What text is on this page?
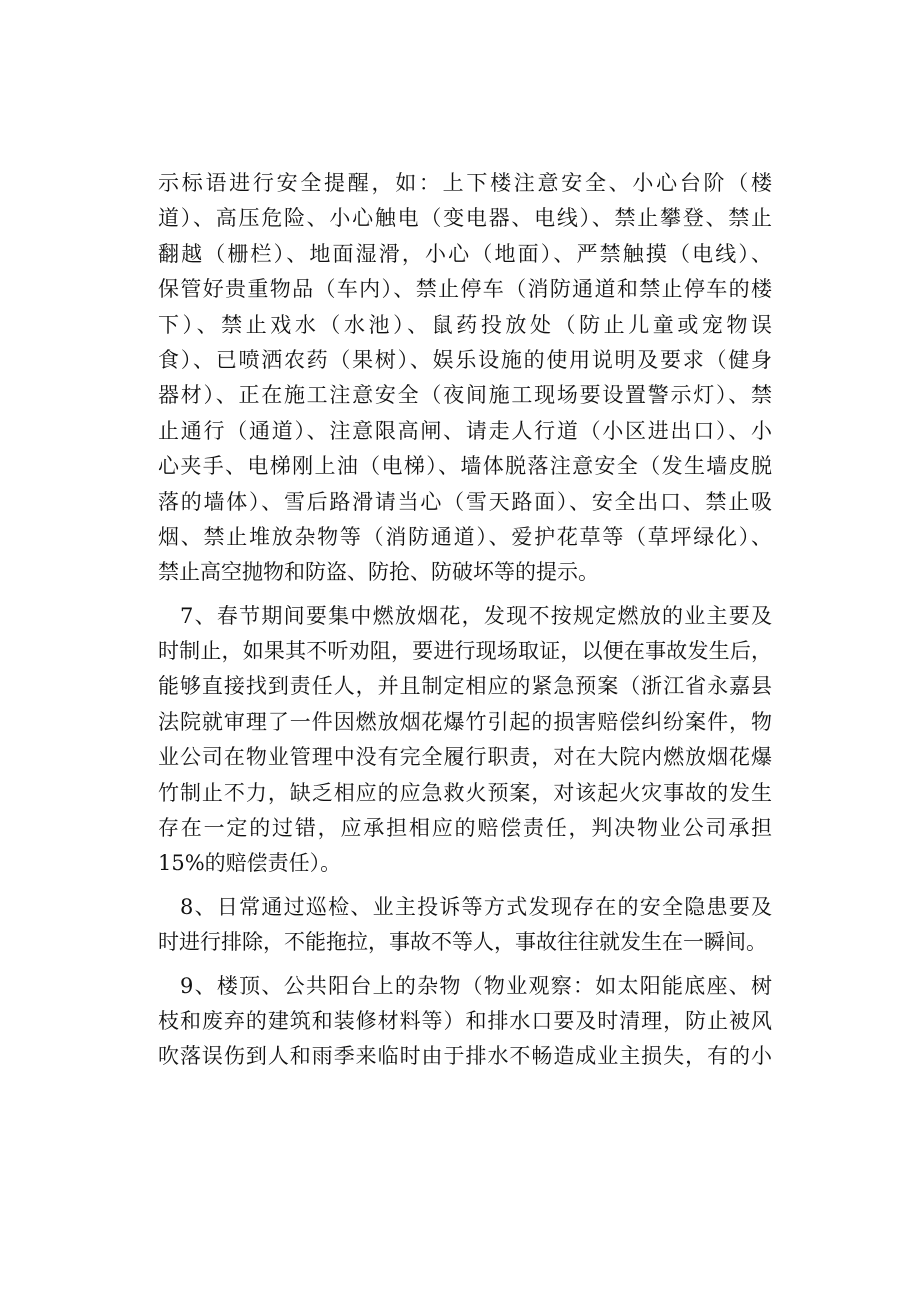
示标语进行安全提醒，如：上下楼注意安全、小心台阶（楼
道）、高压危险、小心触电（变电器、电线）、禁止攀登、禁止
翻越（栅栏）、地面湿滑，小心（地面）、严禁触摸（电线）、
保管好贵重物品（车内）、禁止停车（消防通道和禁止停车的楼
下）、禁止戏水（水池）、鼠药投放处（防止儿童或宠物误
食）、已喷洒农药（果树）、娱乐设施的使用说明及要求（健身
器材）、正在施工注意安全（夜间施工现场要设置警示灯）、禁
止通行（通道）、注意限高闸、请走人行道（小区进出口）、小
心夹手、电梯刚上油（电梯）、墙体脱落注意安全（发生墙皮脱
落的墙体）、雪后路滑请当心（雪天路面）、安全出口、禁止吸
烟、禁止堆放杂物等（消防通道）、爱护花草等（草坪绿化）、
禁止高空抛物和防盗、防抢、防破坏等的提示。
7、春节期间要集中燃放烟花，发现不按规定燃放的业主要及
时制止，如果其不听劝阻，要进行现场取证，以便在事故发生后，
能够直接找到责任人，并且制定相应的紧急预案（浙江省永嘉县
法院就审理了一件因燃放烟花爆竹引起的损害赔偿纠纷案件，物
业公司在物业管理中没有完全履行职责，对在大院内燃放烟花爆
竹制止不力，缺乏相应的应急救火预案，对该起火灾事故的发生
存在一定的过错，应承担相应的赔偿责任，判决物业公司承担
15%的赔偿责任）。
8、日常通过巡检、业主投诉等方式发现存在的安全隐患要及
时进行排除，不能拖拉，事故不等人，事故往往就发生在一瞬间。
9、楼顶、公共阳台上的杂物（物业观察：如太阳能底座、树
枝和废弃的建筑和装修材料等）和排水口要及时清理，防止被风
吹落误伤到人和雨季来临时由于排水不畅造成业主损失，有的小
